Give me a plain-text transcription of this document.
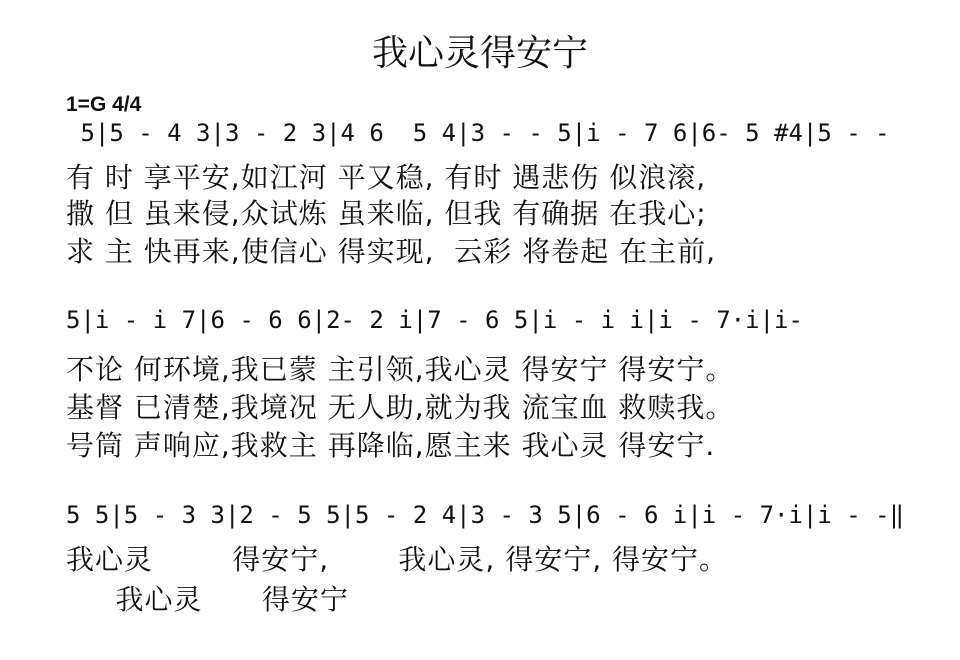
我心灵得安宁
1=G 4/4
5|5 - 4 3|3 - 2 3|4 6  5 4|3 - - 5|i - 7 6|6- 5 #4|5 - -
有 时 享平安,如江河 平又稳, 有时 遇悲伤 似浪滚,
撒 但 虽来侵,众试炼 虽来临, 但我 有确据 在我心;
求 主 快再来,使信心 得实现,  云彩 将卷起 在主前,
5|i - i 7|6 - 6 6|2- 2 i|7 - 6 5|i - i i|i - 7·i|i-
不论 何环境,我已蒙 主引领,我心灵 得安宁 得安宁。
基督 已清楚,我境况 无人助,就为我 流宝血 救赎我。
号筒 声响应,我救主 再降临,愿主来 我心灵 得安宁.
5 5|5 - 3 3|2 - 5 5|5 - 2 4|3 - 3 5|6 - 6 i|i - 7·i|i - -‖
我心灵        得安宁,       我心灵, 得安宁, 得安宁。
我心灵      得安宁
